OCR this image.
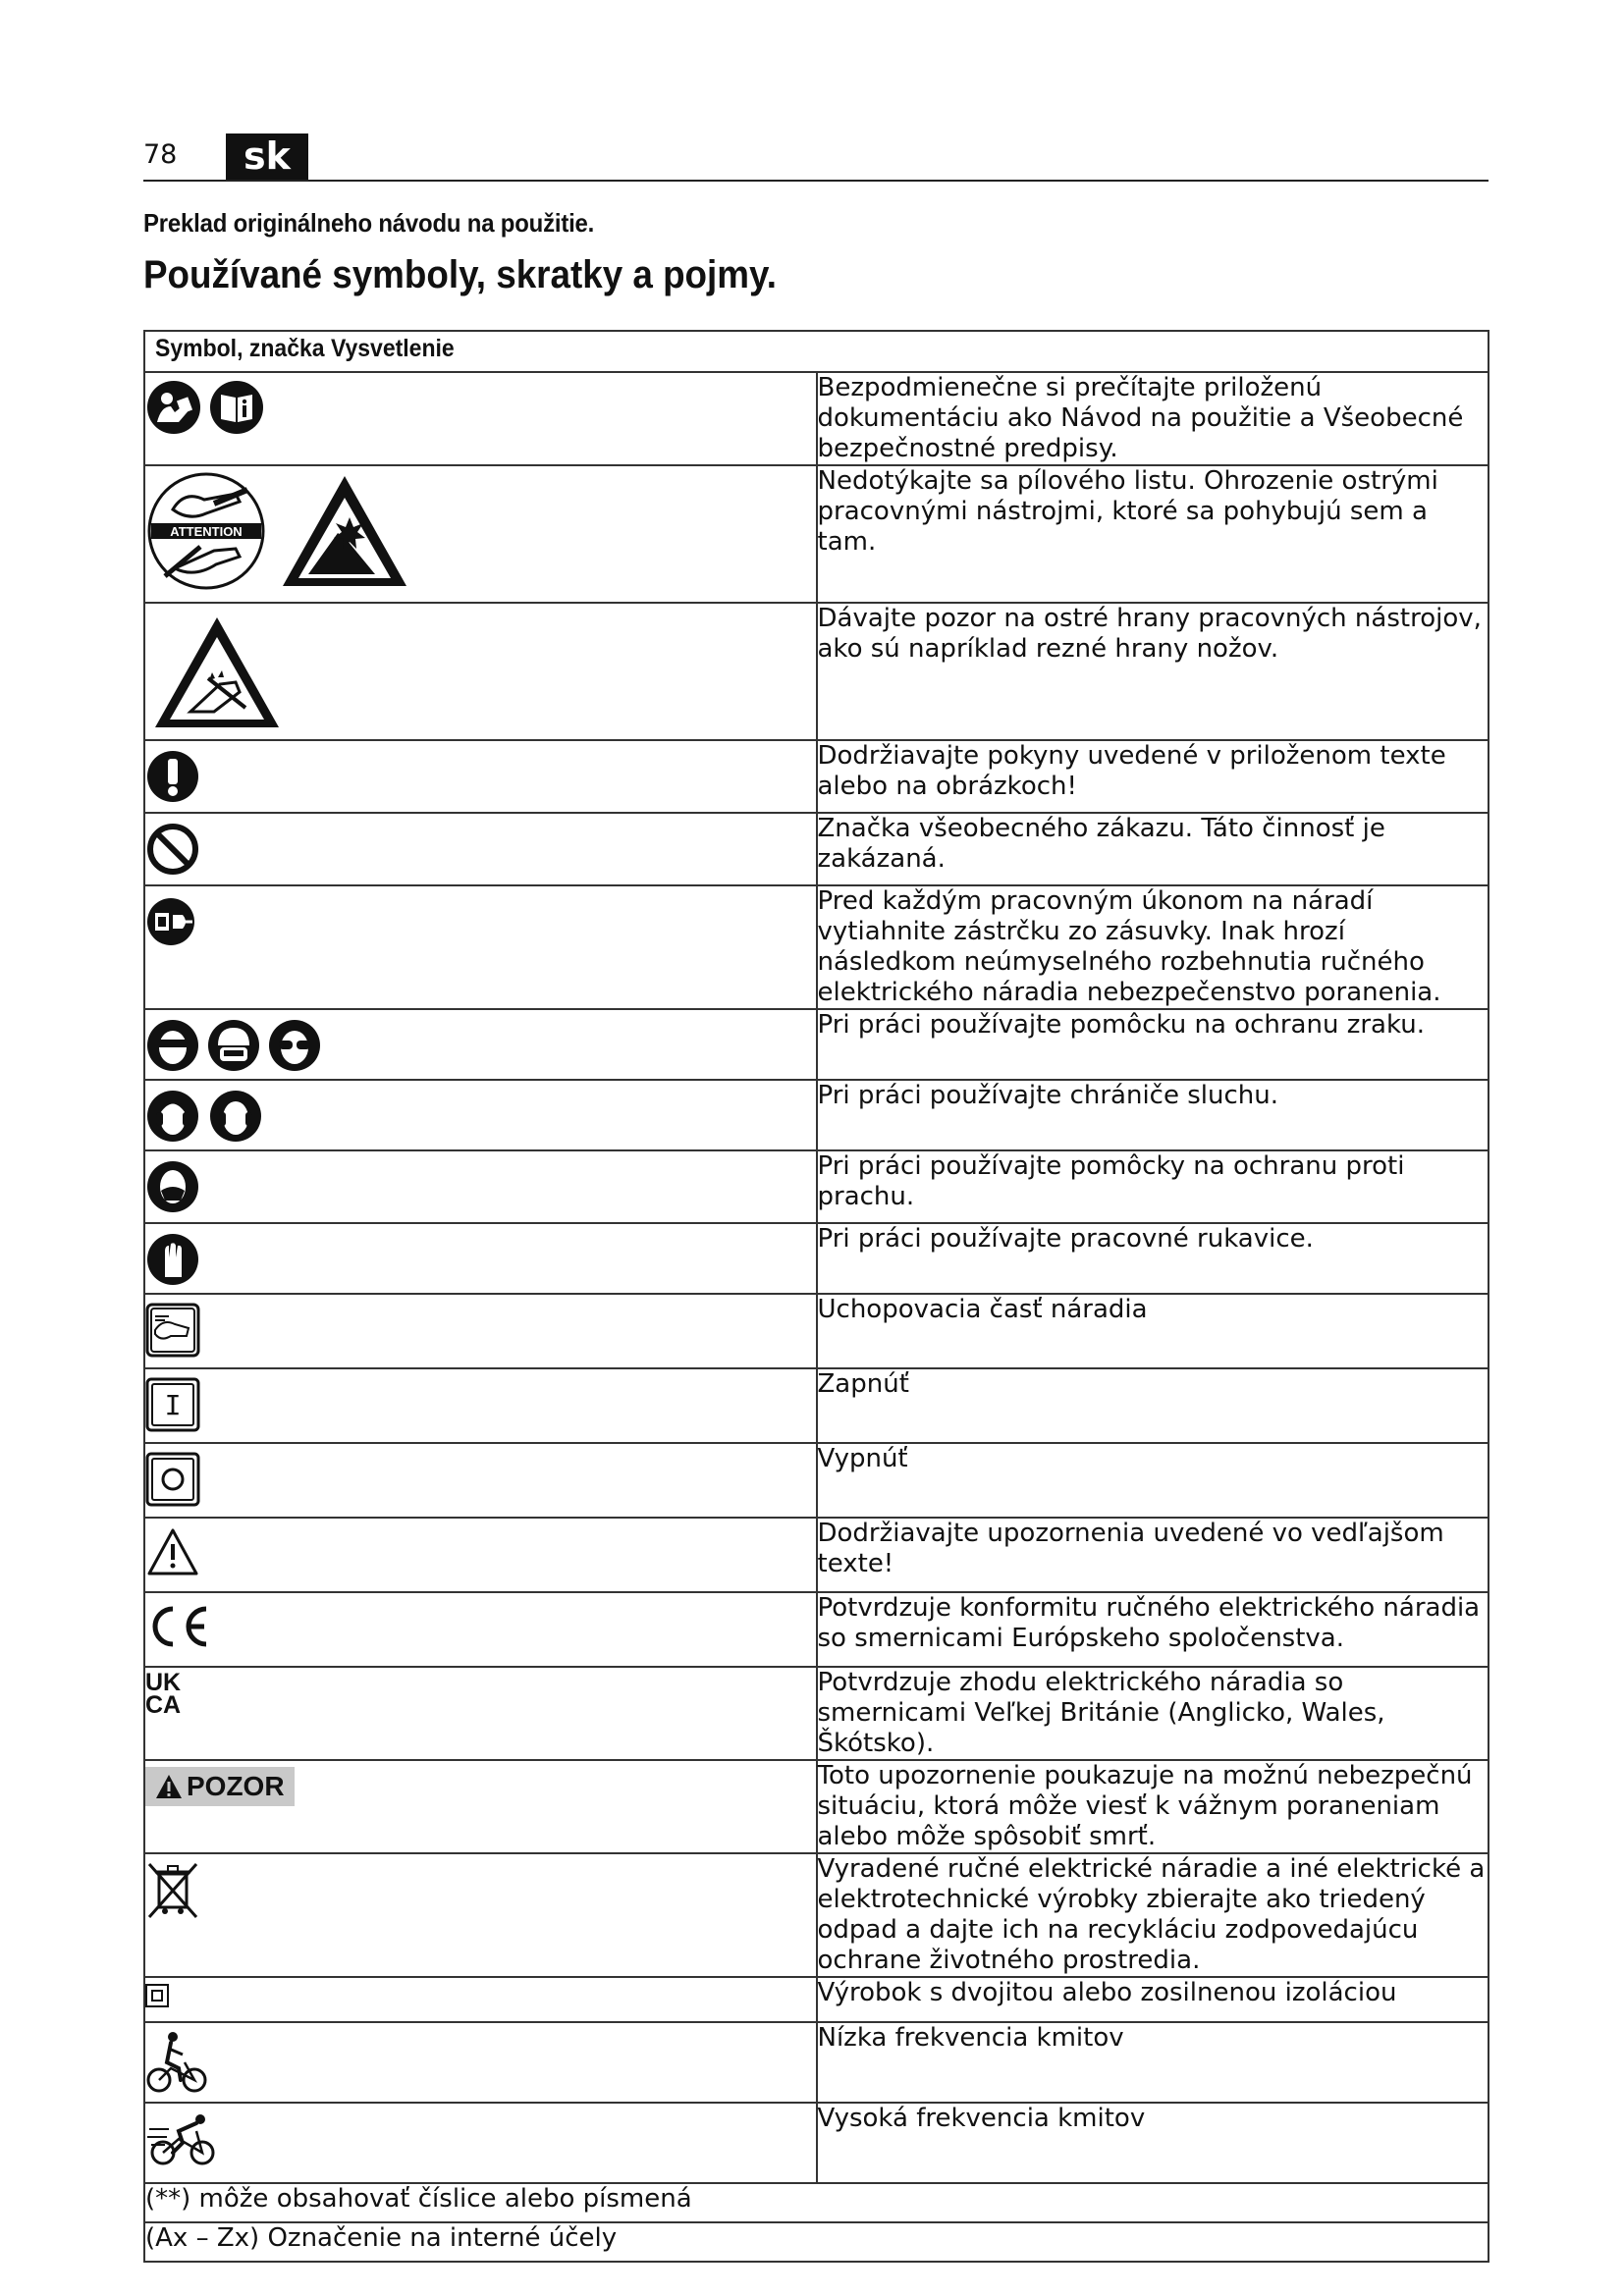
78	sk
Preklad originálneho návodu na použitie.
Používané symboly, skratky a pojmy.
Symbol, značka Vysvetlenie	

	Bezpodmienečne si prečítajte priloženú dokumentáciu ako Návod na použitie a Všeobecné bezpečnostné predpisy.

ATTENTION	Nedotýkajte sa pílového listu. Ohrozenie ostrými pracovnými nástrojmi, ktoré sa pohybujú sem a tam.

	Dávajte pozor na ostré hrany pracovných nástrojov, ako sú napríklad rezné hrany nožov.

	Dodržiavajte pokyny uvedené v priloženom texte alebo na obrázkoch!

	Značka všeobecného zákazu. Táto činnosť je zakázaná.

	Pred každým pracovným úkonom na náradí vytiahnite zástrčku zo zásuvky. Inak hrozí následkom neúmyselného rozbehnutia ručného elektrického náradia nebezpečenstvo poranenia.

	Pri práci používajte pomôcku na ochranu zraku.

	Pri práci používajte chrániče sluchu.

	Pri práci používajte pomôcky na ochranu proti prachu.

	Pri práci používajte pracovné rukavice.

	Uchopovacia časť náradia

I	Zapnúť

	Vypnúť

	Dodržiavajte upozornenia uvedené vo vedľajšom texte!

	Potvrdzuje konformitu ručného elektrického náradia so smernicami Európskeho spoločenstva.

UK
CA	Potvrdzuje zhodu elektrického náradia so smernicami Veľkej Británie (Anglicko, Wales, Škótsko).
POZOR	Toto upozornenie poukazuje na možnú nebezpečnú situáciu, ktorá môže viesť k vážnym poraneniam alebo môže spôsobiť smrť.

	Vyradené ručné elektrické náradie a iné elektrické a elektrotechnické výrobky zbierajte ako triedený odpad a dajte ich na recykláciu zodpovedajúcu ochrane životného prostredia.

	Výrobok s dvojitou alebo zosilnenou izoláciou

	Nízka frekvencia kmitov

	Vysoká frekvencia kmitov
(**) môže obsahovať číslice alebo písmená	
(Ax – Zx) Označenie na interné účely	
